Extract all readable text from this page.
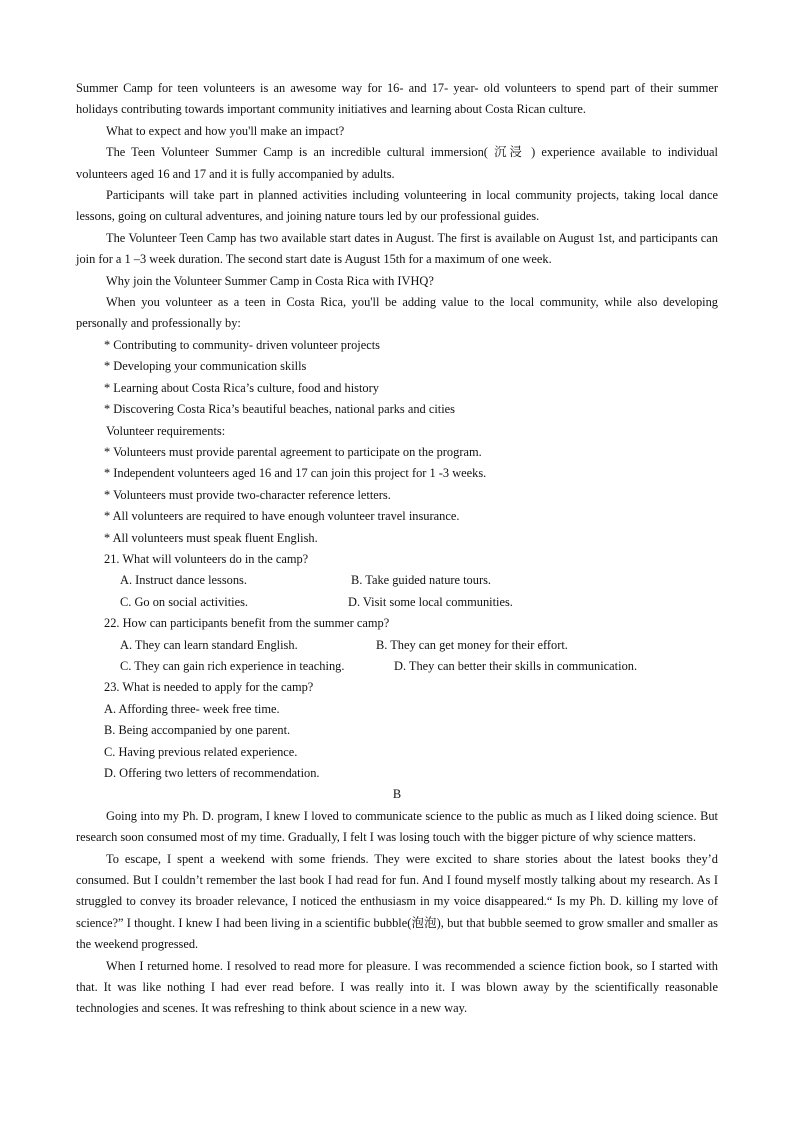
Summer Camp for teen volunteers is an awesome way for 16- and 17- year- old volunteers to spend part of their summer holidays contributing towards important community initiatives and learning about Costa Rican culture.

What to expect and how you'll make an impact?

The Teen Volunteer Summer Camp is an incredible cultural immersion( 沉浸 ) experience available to individual volunteers aged 16 and 17 and it is fully accompanied by adults.

Participants will take part in planned activities including volunteering in local community projects, taking local dance lessons, going on cultural adventures, and joining nature tours led by our professional guides.

The Volunteer Teen Camp has two available start dates in August. The first is available on August 1st, and participants can join for a 1 –3 week duration. The second start date is August 15th for a maximum of one week.

Why join the Volunteer Summer Camp in Costa Rica with IVHQ?

When you volunteer as a teen in Costa Rica, you'll be adding value to the local community, while also developing personally and professionally by:

* Contributing to community- driven volunteer projects

* Developing your communication skills

* Learning about Costa Rica’s culture, food and history

* Discovering Costa Rica’s beautiful beaches, national parks and cities

Volunteer requirements:

* Volunteers must provide parental agreement to participate on the program.

* Independent volunteers aged 16 and 17 can join this project for 1 -3 weeks.

* Volunteers must provide two-character reference letters.

* All volunteers are required to have enough volunteer travel insurance.

* All volunteers must speak fluent English.

21. What will volunteers do in the camp?

A. Instruct dance lessons.	B. Take guided nature tours.

C. Go on social activities.	D. Visit some local communities.

22. How can participants benefit from the summer camp?

A. They can learn standard English.	B. They can get money for their effort.

C. They can gain rich experience in teaching.	D. They can better their skills in communication.

23. What is needed to apply for the camp?

A. Affording three- week free time.

B. Being accompanied by one parent.

C. Having previous related experience.

D. Offering two letters of recommendation.

B

Going into my Ph. D. program, I knew I loved to communicate science to the public as much as I liked doing science. But research soon consumed most of my time. Gradually, I felt I was losing touch with the bigger picture of why science matters.

To escape, I spent a weekend with some friends. They were excited to share stories about the latest books they’d consumed. But I couldn’t remember the last book I had read for fun. And I found myself mostly talking about my research. As I struggled to convey its broader relevance, I noticed the enthusiasm in my voice disappeared.“ Is my Ph. D. killing my love of science?” I thought. I knew I had been living in a scientific bubble(泡泡), but that bubble seemed to grow smaller and smaller as the weekend progressed.

When I returned home. I resolved to read more for pleasure. I was recommended a science fiction book, so I started with that. It was like nothing I had ever read before. I was really into it. I was blown away by the scientifically reasonable technologies and scenes. It was refreshing to think about science in a new way.
